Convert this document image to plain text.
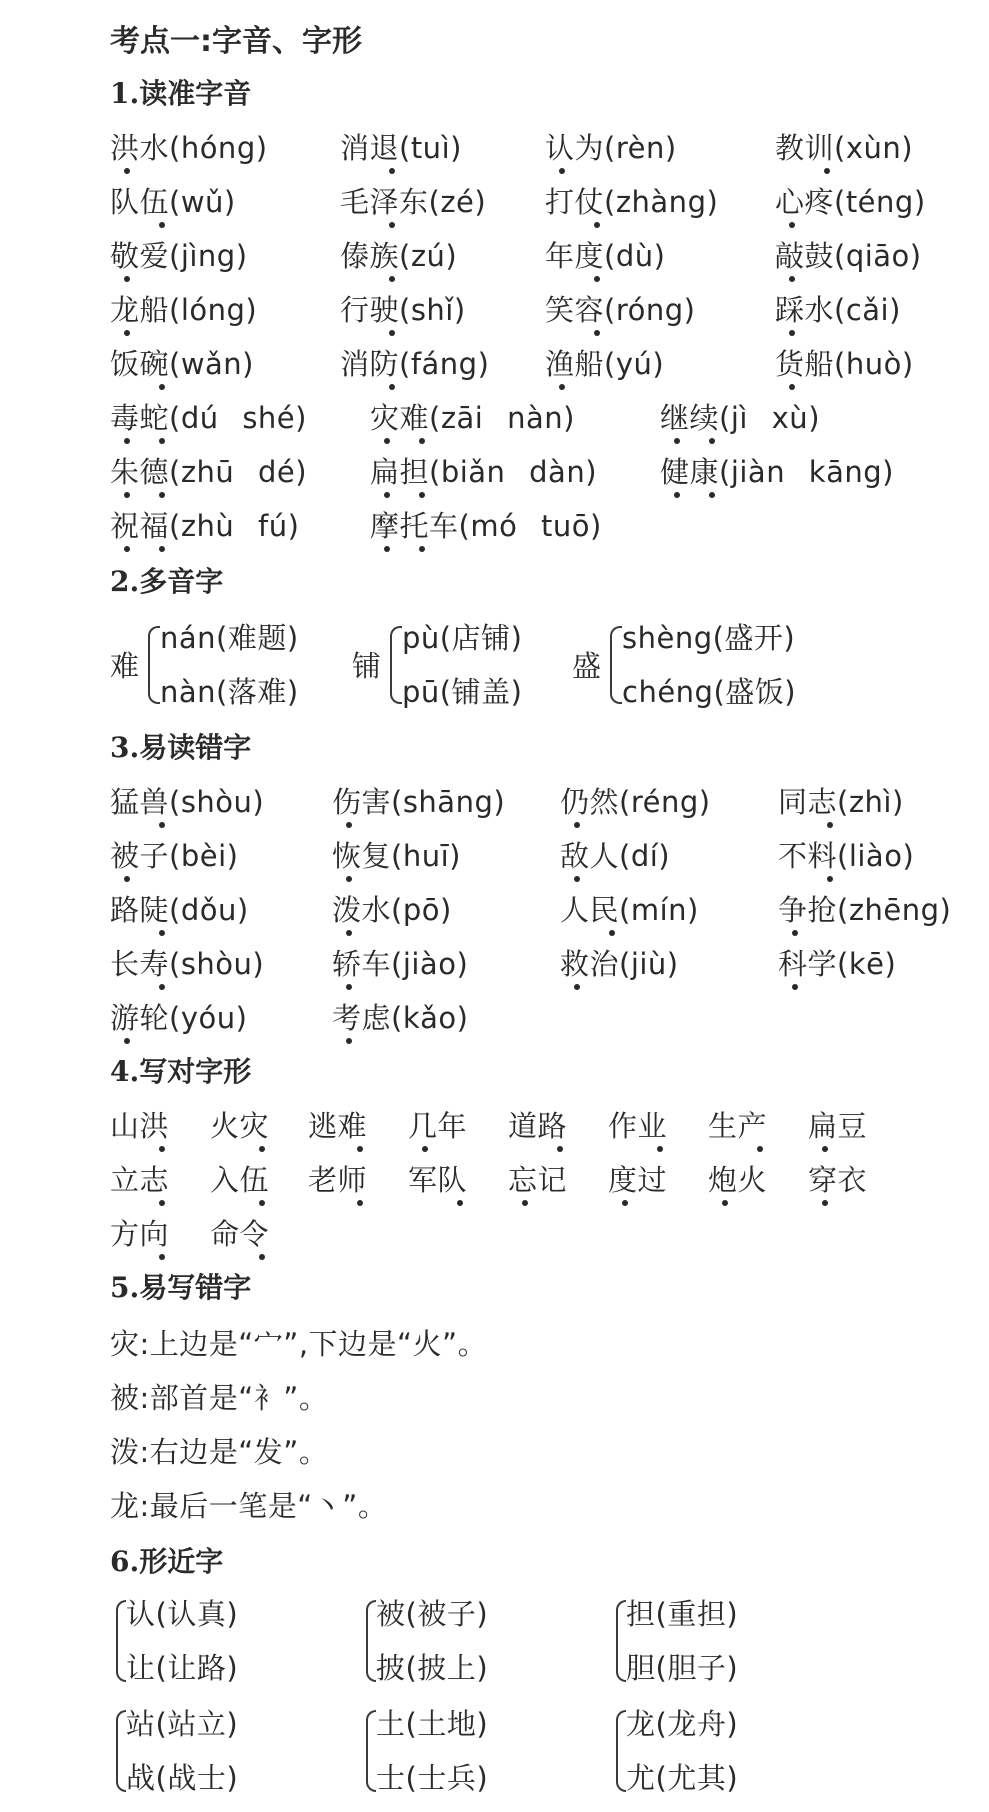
考点一:字音、字形
1.读准字音
洪水(hóng) 消退(tuì)	认为(rèn)	教训(xùn)
队伍(wǔ)	毛泽东(zé) 打仗(zhàng) 心疼(téng)
敬爱(jìng)	傣族(zú)	年度(dù)	敲鼓(qiāo)
龙船(lóng)	行驶(shǐ)	笑容(róng)	踩水(cǎi)
饭碗(wǎn)	消防(fáng) 渔船(yú)	货船(huò)
毒蛇(dú shé) 灾难(zāi nàn)	继续(jì xù)
朱德(zhū dé) 扁担(biǎn dàn) 健康(jiàn kāng)
祝福(zhù fú) 摩托车(mó tuō)
2.多音字
难
nán(难题)
nàn(落难)
铺
pù(店铺)
pū(铺盖)
盛
shèng(盛开)
chéng(盛饭)
3.易读错字
猛兽(shòu) 伤害(shāng) 仍然(réng) 同志(zhì)
被子(bèi)	恢复(huī)	敌人(dí)	不料(liào)
路陡(dǒu)	泼水(pō)	人民(mín)	争抢(zhēng)
长寿(shòu) 轿车(jiào)	救治(jiù)	科学(kē)
游轮(yóu)	考虑(kǎo)
4.写对字形
山洪 火灾 逃难 几年 道路 作业 生产 扁豆
立志 入伍 老师 军队 忘记 度过 炮火 穿衣
方向 命令
5.易写错字
灾:上边是“宀”,下边是“火”。
被:部首是“衤”。
泼:右边是“发”。
龙:最后一笔是“丶”。
6.形近字
认(认真)
让(让路)
被(被子)
披(披上)
担(重担)
胆(胆子)
站(站立)
战(战士)
土(土地)
士(士兵)
龙(龙舟)
尤(尤其)
